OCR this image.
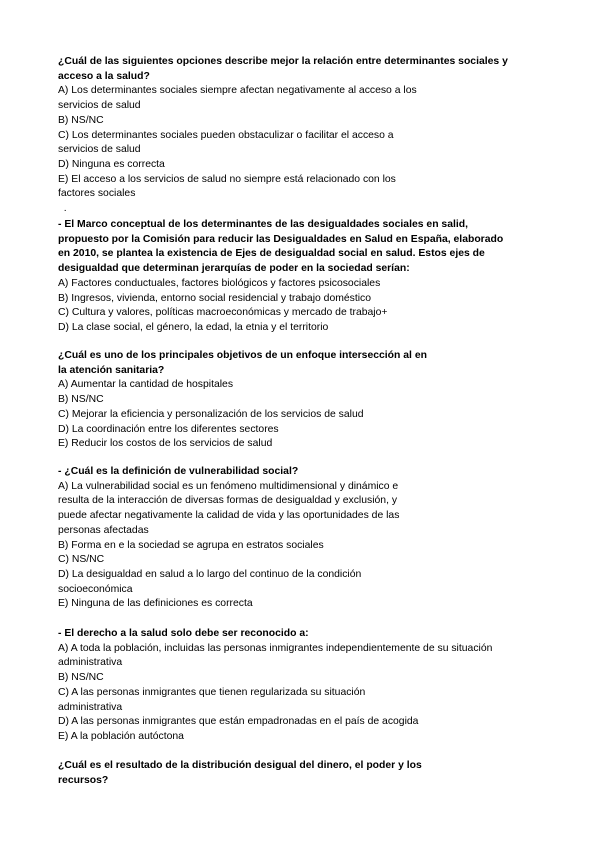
¿Cuál de las siguientes opciones describe mejor la relación entre determinantes sociales y
acceso a la salud?
A) Los determinantes sociales siempre afectan negativamente al acceso a los
servicios de salud
B) NS/NC
C) Los determinantes sociales pueden obstaculizar o facilitar el acceso a
servicios de salud
D) Ninguna es correcta
E) El acceso a los servicios de salud no siempre está relacionado con los
factores sociales
.
- El Marco conceptual de los determinantes de las desigualdades sociales en salid,
propuesto por la Comisión para reducir las Desigualdades en Salud en España, elaborado
en 2010, se plantea la existencia de Ejes de desigualdad social en salud. Estos ejes de
desigualdad que determinan jerarquías de poder en la sociedad serían:
A) Factores conductuales, factores biológicos y factores psicosociales
B) Ingresos, vivienda, entorno social residencial y trabajo doméstico
C) Cultura y valores, políticas macroeconómicas y mercado de trabajo+
D) La clase social, el género, la edad, la etnia y el territorio
¿Cuál es uno de los principales objetivos de un enfoque intersección al en
la atención sanitaria?
A) Aumentar la cantidad de hospitales
B) NS/NC
C) Mejorar la eficiencia y personalización de los servicios de salud
D) La coordinación entre los diferentes sectores
E) Reducir los costos de los servicios de salud
- ¿Cuál es la definición de vulnerabilidad social?
A) La vulnerabilidad social es un fenómeno multidimensional y dinámico e
resulta de la interacción de diversas formas de desigualdad y exclusión, y
puede afectar negativamente la calidad de vida y las oportunidades de las
personas afectadas
B) Forma en e la sociedad se agrupa en estratos sociales
C) NS/NC
D) La desigualdad en salud a lo largo del continuo de la condición
socioeconómica
E) Ninguna de las definiciones es correcta
- El derecho a la salud solo debe ser reconocido a:
A) A toda la población, incluidas las personas inmigrantes independientemente de su situación
administrativa
B) NS/NC
C) A las personas inmigrantes que tienen regularizada su situación
administrativa
D) A las personas inmigrantes que están empadronadas en el país de acogida
E) A la población autóctona
¿Cuál es el resultado de la distribución desigual del dinero, el poder y los
recursos?
